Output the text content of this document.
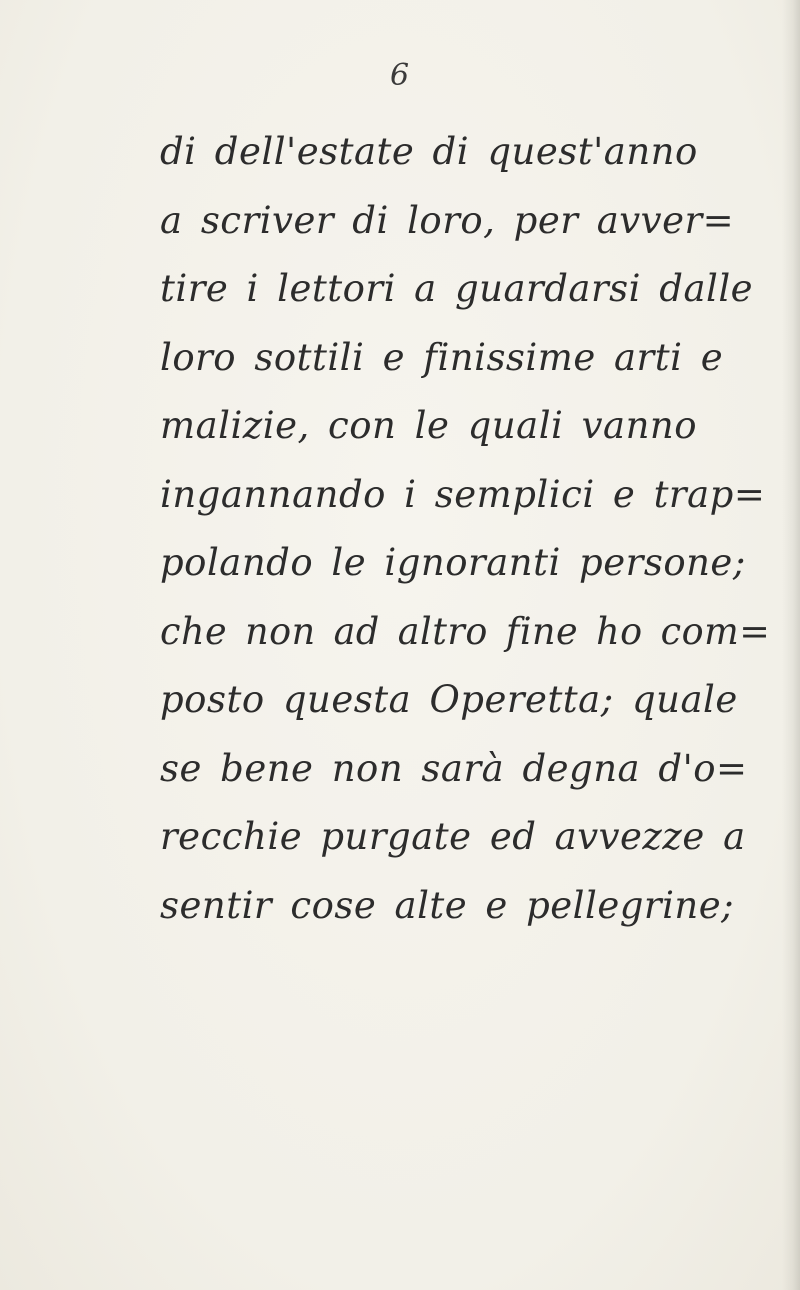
6
di dell'estate di quest'anno
a scriver di loro, per avver=
tire i lettori a guardarsi dalle
loro sottili e finissime arti e
malizie, con le quali vanno
ingannando i semplici e trap=
polando le ignoranti persone;
che non ad altro fine ho com=
posto questa Operetta; quale
se bene non sarà degna d'o=
recchie purgate ed avvezze a
sentir cose alte e pellegrine;
